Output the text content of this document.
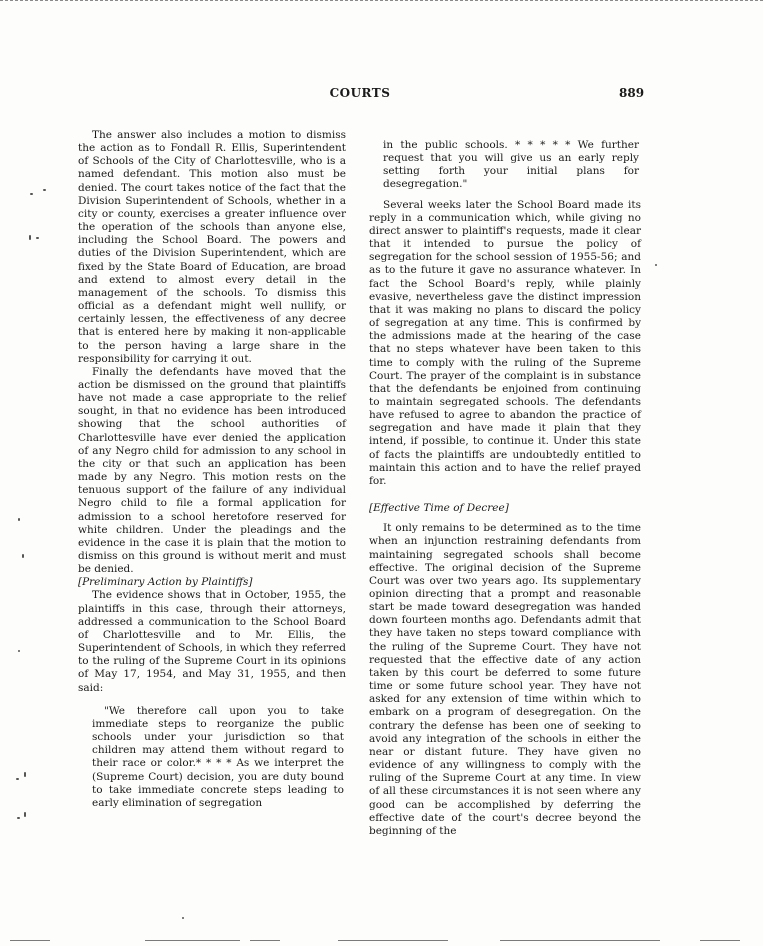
COURTS	889

The answer also includes a motion to dismiss the action as to Fondall R. Ellis, Superintendent of Schools of the City of Charlottesville, who is a named defendant. This motion also must be denied. The court takes notice of the fact that the Division Superintendent of Schools, whether in a city or county, exercises a greater influence over the operation of the schools than anyone else, including the School Board. The powers and duties of the Division Superintendent, which are fixed by the State Board of Education, are broad and extend to almost every detail in the management of the schools. To dismiss this official as a defendant might well nullify, or certainly lessen, the effectiveness of any decree that is entered here by making it non-applicable to the person having a large share in the responsibility for carrying it out.

Finally the defendants have moved that the action be dismissed on the ground that plaintiffs have not made a case appropriate to the relief sought, in that no evidence has been introduced showing that the school authorities of Charlottesville have ever denied the application of any Negro child for admission to any school in the city or that such an application has been made by any Negro. This motion rests on the tenuous support of the failure of any individual Negro child to file a formal application for admission to a school heretofore reserved for white children. Under the pleadings and the evidence in the case it is plain that the motion to dismiss on this ground is without merit and must be denied.

[Preliminary Action by Plaintiffs]

The evidence shows that in October, 1955, the plaintiffs in this case, through their attorneys, addressed a communication to the School Board of Charlottesville and to Mr. Ellis, the Superintendent of Schools, in which they referred to the ruling of the Supreme Court in its opinions of May 17, 1954, and May 31, 1955, and then said:

"We therefore call upon you to take immediate steps to reorganize the public schools under your jurisdiction so that children may attend them without regard to their race or color.* * * * As we interpret the (Supreme Court) decision, you are duty bound to take immediate concrete steps leading to early elimination of segregation

in the public schools. * * * * * We further request that you will give us an early reply setting forth your initial plans for desegregation."

Several weeks later the School Board made its reply in a communication which, while giving no direct answer to plaintiff's requests, made it clear that it intended to pursue the policy of segregation for the school session of 1955-56; and as to the future it gave no assurance whatever. In fact the School Board's reply, while plainly evasive, nevertheless gave the distinct impression that it was making no plans to discard the policy of segregation at any time. This is confirmed by the admissions made at the hearing of the case that no steps whatever have been taken to this time to comply with the ruling of the Supreme Court. The prayer of the complaint is in substance that the defendants be enjoined from continuing to maintain segregated schools. The defendants have refused to agree to abandon the practice of segregation and have made it plain that they intend, if possible, to continue it. Under this state of facts the plaintiffs are undoubtedly entitled to maintain this action and to have the relief prayed for.

[Effective Time of Decree]

It only remains to be determined as to the time when an injunction restraining defendants from maintaining segregated schools shall become effective. The original decision of the Supreme Court was over two years ago. Its supplementary opinion directing that a prompt and reasonable start be made toward desegregation was handed down fourteen months ago. Defendants admit that they have taken no steps toward compliance with the ruling of the Supreme Court. They have not requested that the effective date of any action taken by this court be deferred to some future time or some future school year. They have not asked for any extension of time within which to embark on a program of desegregation. On the contrary the defense has been one of seeking to avoid any integration of the schools in either the near or distant future. They have given no evidence of any willingness to comply with the ruling of the Supreme Court at any time. In view of all these circumstances it is not seen where any good can be accomplished by deferring the effective date of the court's decree beyond the beginning of the
